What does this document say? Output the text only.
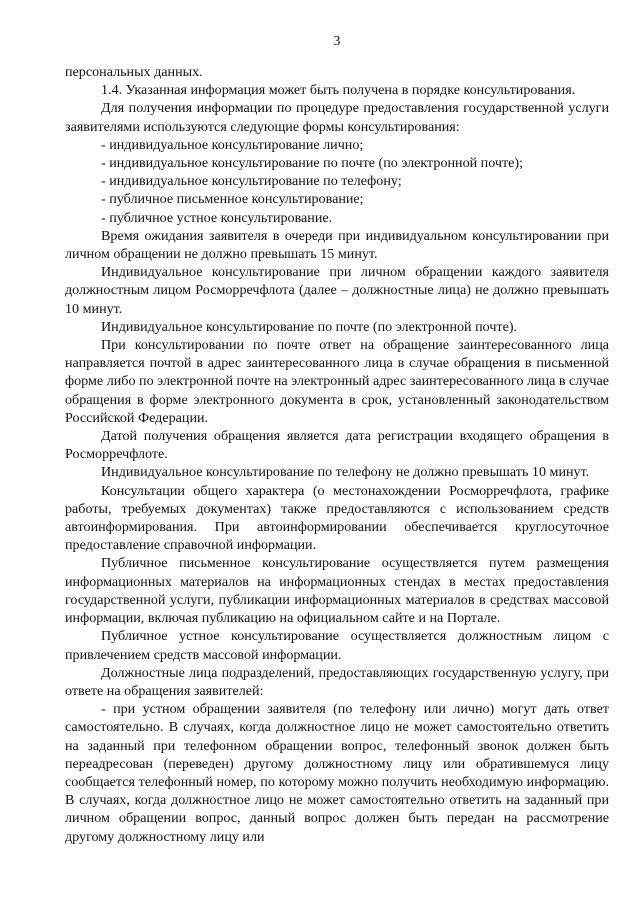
3

персональных данных.

1.4. Указанная информация может быть получена в порядке консультирования.

Для получения информации по процедуре предоставления государственной услуги заявителями используются следующие формы консультирования:

- индивидуальное консультирование лично;

- индивидуальное консультирование по почте (по электронной почте);

- индивидуальное консультирование по телефону;

- публичное письменное консультирование;

- публичное устное консультирование.

Время ожидания заявителя в очереди при индивидуальном консультировании при личном обращении не должно превышать 15 минут.

Индивидуальное консультирование при личном обращении каждого заявителя должностным лицом Росморречфлота (далее – должностные лица) не должно превышать 10 минут.

Индивидуальное консультирование по почте (по электронной почте).

При консультировании по почте ответ на обращение заинтересованного лица направляется почтой в адрес заинтересованного лица в случае обращения в письменной форме либо по электронной почте на электронный адрес заинтересованного лица в случае обращения в форме электронного документа в срок, установленный законодательством Российской Федерации.

Датой получения обращения является дата регистрации входящего обращения в Росморречфлоте.

Индивидуальное консультирование по телефону не должно превышать 10 минут.

Консультации общего характера (о местонахождении Росморречфлота, графике работы, требуемых документах) также предоставляются с использованием средств автоинформирования. При автоинформировании обеспечивается круглосуточное предоставление справочной информации.

Публичное письменное консультирование осуществляется путем размещения информационных материалов на информационных стендах в местах предоставления государственной услуги, публикации информационных материалов в средствах массовой информации, включая публикацию на официальном сайте и на Портале.

Публичное устное консультирование осуществляется должностным лицом с привлечением средств массовой информации.

Должностные лица подразделений, предоставляющих государственную услугу, при ответе на обращения заявителей:

- при устном обращении заявителя (по телефону или лично) могут дать ответ самостоятельно. В случаях, когда должностное лицо не может самостоятельно ответить на заданный при телефонном обращении вопрос, телефонный звонок должен быть переадресован (переведен) другому должностному лицу или обратившемуся лицу сообщается телефонный номер, по которому можно получить необходимую информацию. В случаях, когда должностное лицо не может самостоятельно ответить на заданный при личном обращении вопрос, данный вопрос должен быть передан на рассмотрение другому должностному лицу или
